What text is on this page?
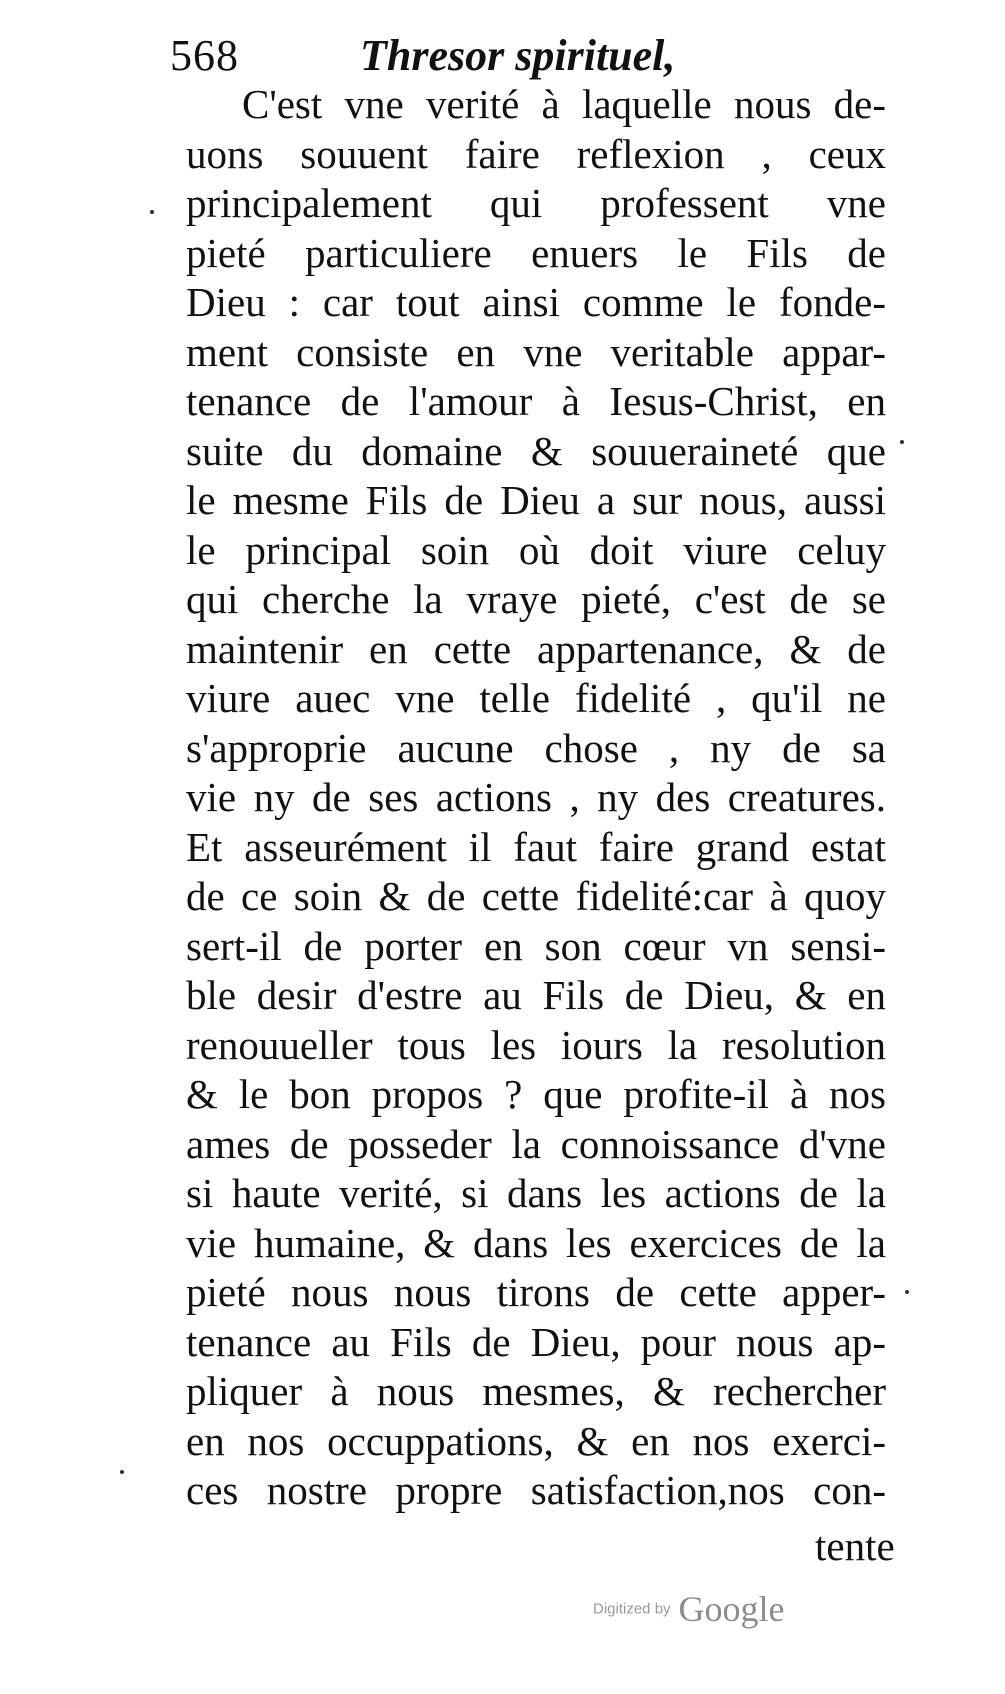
568	Thresor spirituel,
C'est vne verité à laquelle nous de-
uons souuent faire reflexion , ceux
principalement qui professent vne
pieté particuliere enuers le Fils de
Dieu : car tout ainsi comme le fonde-
ment consiste en vne veritable appar-
tenance de l'amour à Iesus-Christ, en
suite du domaine & souueraineté que
le mesme Fils de Dieu a sur nous, aussi
le principal soin où doit viure celuy
qui cherche la vraye pieté, c'est de se
maintenir en cette appartenance, & de
viure auec vne telle fidelité , qu'il ne
s'approprie aucune chose , ny de sa
vie ny de ses actions , ny des creatures.
Et asseurément il faut faire grand estat
de ce soin & de cette fidelité:car à quoy
sert-il de porter en son cœur vn sensi-
ble desir d'estre au Fils de Dieu, & en
renouueller tous les iours la resolution
& le bon propos ? que profite-il à nos
ames de posseder la connoissance d'vne
si haute verité, si dans les actions de la
vie humaine, & dans les exercices de la
pieté nous nous tirons de cette apper-
tenance au Fils de Dieu, pour nous ap-
pliquer à nous mesmes, & rechercher
en nos occuppations, & en nos exerci-
ces nostre propre satisfaction,nos con-
tente
Digitized by Google
